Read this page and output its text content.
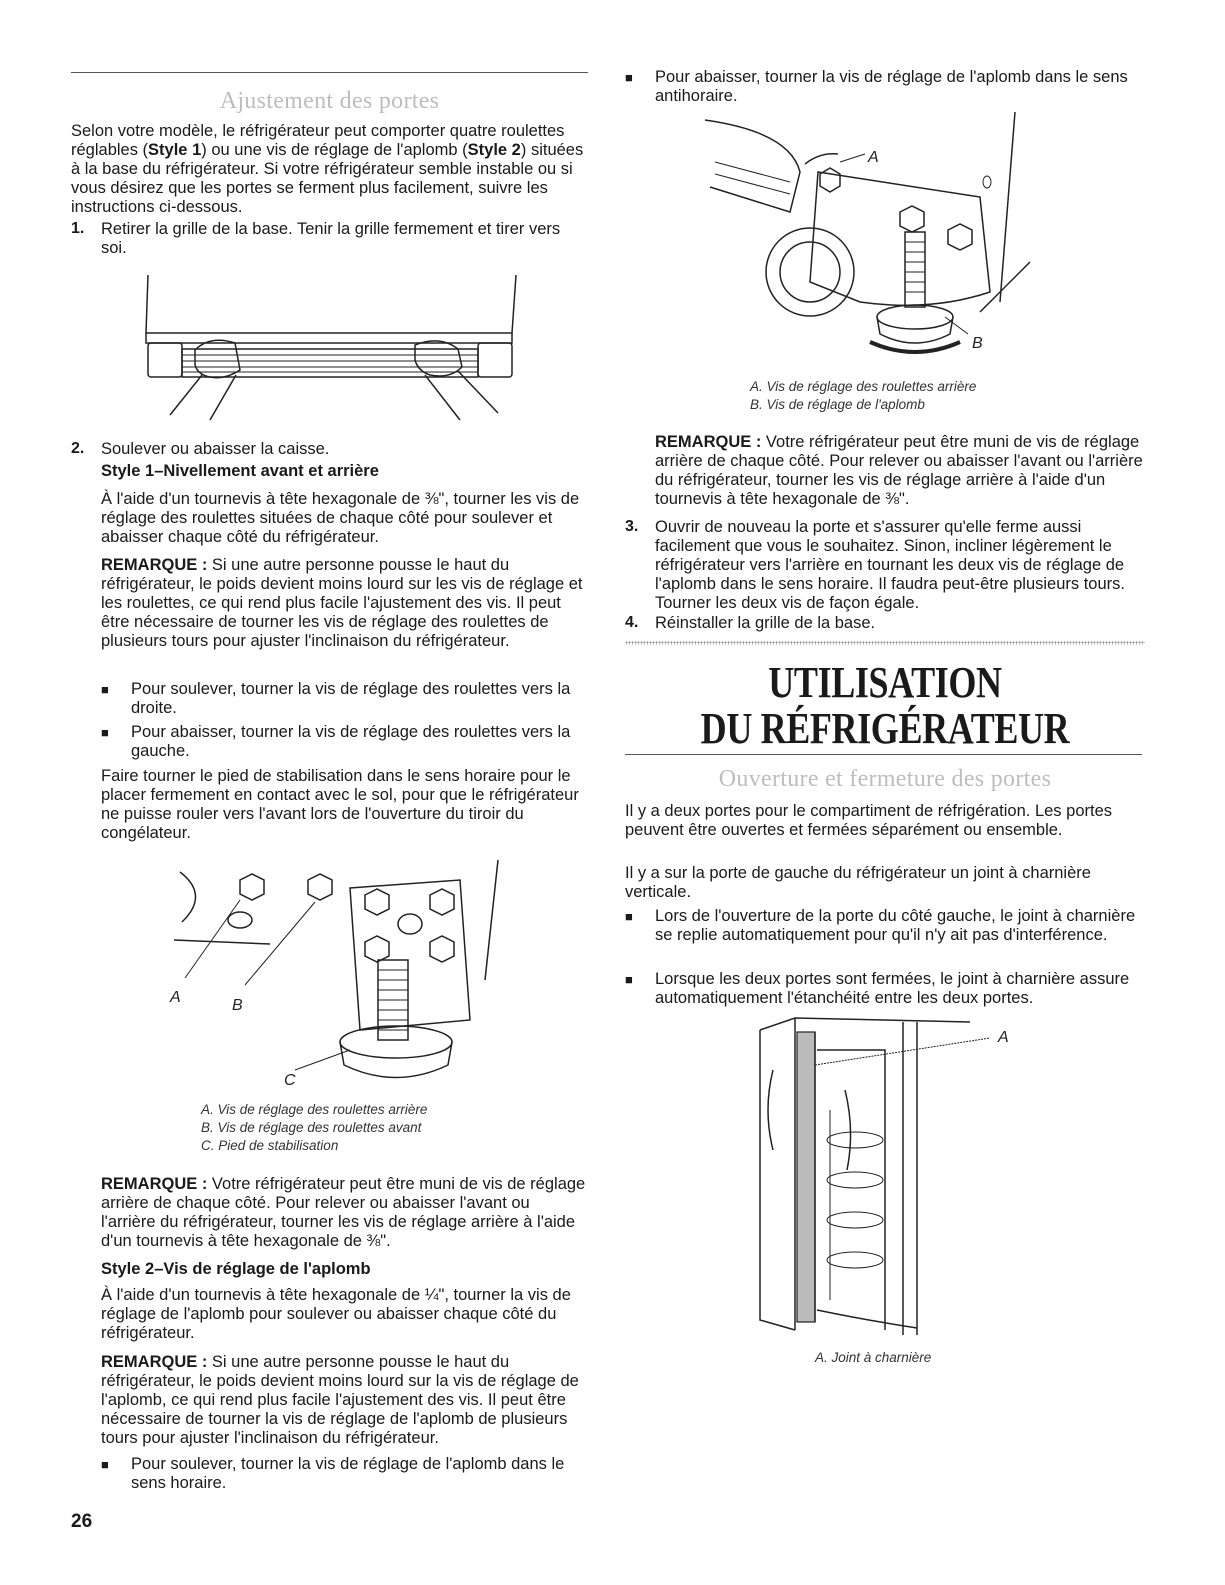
Ajustement des portes

Selon votre modèle, le réfrigérateur peut comporter quatre roulettes réglables (Style 1) ou une vis de réglage de l'aplomb (Style 2) situées à la base du réfrigérateur. Si votre réfrigérateur semble instable ou si vous désirez que les portes se ferment plus facilement, suivre les instructions ci-dessous.

1.	Retirer la grille de la base. Tenir la grille fermement et tirer vers soi.

2.	Soulever ou abaisser la caisse.

Style 1–Nivellement avant et arrière

À l'aide d'un tournevis à tête hexagonale de ⅜", tourner les vis de réglage des roulettes situées de chaque côté pour soulever et abaisser chaque côté du réfrigérateur.

REMARQUE : Si une autre personne pousse le haut du réfrigérateur, le poids devient moins lourd sur les vis de réglage et les roulettes, ce qui rend plus facile l'ajustement des vis. Il peut être nécessaire de tourner les vis de réglage des roulettes de plusieurs tours pour ajuster l'inclinaison du réfrigérateur.

■	Pour soulever, tourner la vis de réglage des roulettes vers la droite.

■	Pour abaisser, tourner la vis de réglage des roulettes vers la gauche.

Faire tourner le pied de stabilisation dans le sens horaire pour le placer fermement en contact avec le sol, pour que le réfrigérateur ne puisse rouler vers l'avant lors de l'ouverture du tiroir du congélateur.

A	B
C
A. Vis de réglage des roulettes arrière
B. Vis de réglage des roulettes avant
C. Pied de stabilisation

REMARQUE : Votre réfrigérateur peut être muni de vis de réglage arrière de chaque côté. Pour relever ou abaisser l'avant ou l'arrière du réfrigérateur, tourner les vis de réglage arrière à l'aide d'un tournevis à tête hexagonale de ⅜".

Style 2–Vis de réglage de l'aplomb

À l'aide d'un tournevis à tête hexagonale de ¼", tourner la vis de réglage de l'aplomb pour soulever ou abaisser chaque côté du réfrigérateur.

REMARQUE : Si une autre personne pousse le haut du réfrigérateur, le poids devient moins lourd sur la vis de réglage de l'aplomb, ce qui rend plus facile l'ajustement des vis. Il peut être nécessaire de tourner la vis de réglage de l'aplomb de plusieurs tours pour ajuster l'inclinaison du réfrigérateur.

■	Pour soulever, tourner la vis de réglage de l'aplomb dans le sens horaire.

26
■	Pour abaisser, tourner la vis de réglage de l'aplomb dans le sens antihoraire.

A
B
A. Vis de réglage des roulettes arrière
B. Vis de réglage de l'aplomb

REMARQUE : Votre réfrigérateur peut être muni de vis de réglage arrière de chaque côté. Pour relever ou abaisser l'avant ou l'arrière du réfrigérateur, tourner les vis de réglage arrière à l'aide d'un tournevis à tête hexagonale de ⅜".

3.	Ouvrir de nouveau la porte et s'assurer qu'elle ferme aussi facilement que vous le souhaitez. Sinon, incliner légèrement le réfrigérateur vers l'arrière en tournant les deux vis de réglage de l'aplomb dans le sens horaire. Il faudra peut-être plusieurs tours. Tourner les deux vis de façon égale.

4.	Réinstaller la grille de la base.

UTILISATION
DU RÉFRIGÉRATEUR
Ouverture et fermeture des portes

Il y a deux portes pour le compartiment de réfrigération. Les portes peuvent être ouvertes et fermées séparément ou ensemble.

Il y a sur la porte de gauche du réfrigérateur un joint à charnière verticale.

■	Lors de l'ouverture de la porte du côté gauche, le joint à charnière se replie automatiquement pour qu'il n'y ait pas d'interférence.

■	Lorsque les deux portes sont fermées, le joint à charnière assure automatiquement l'étanchéité entre les deux portes.

A
A. Joint à charnière
